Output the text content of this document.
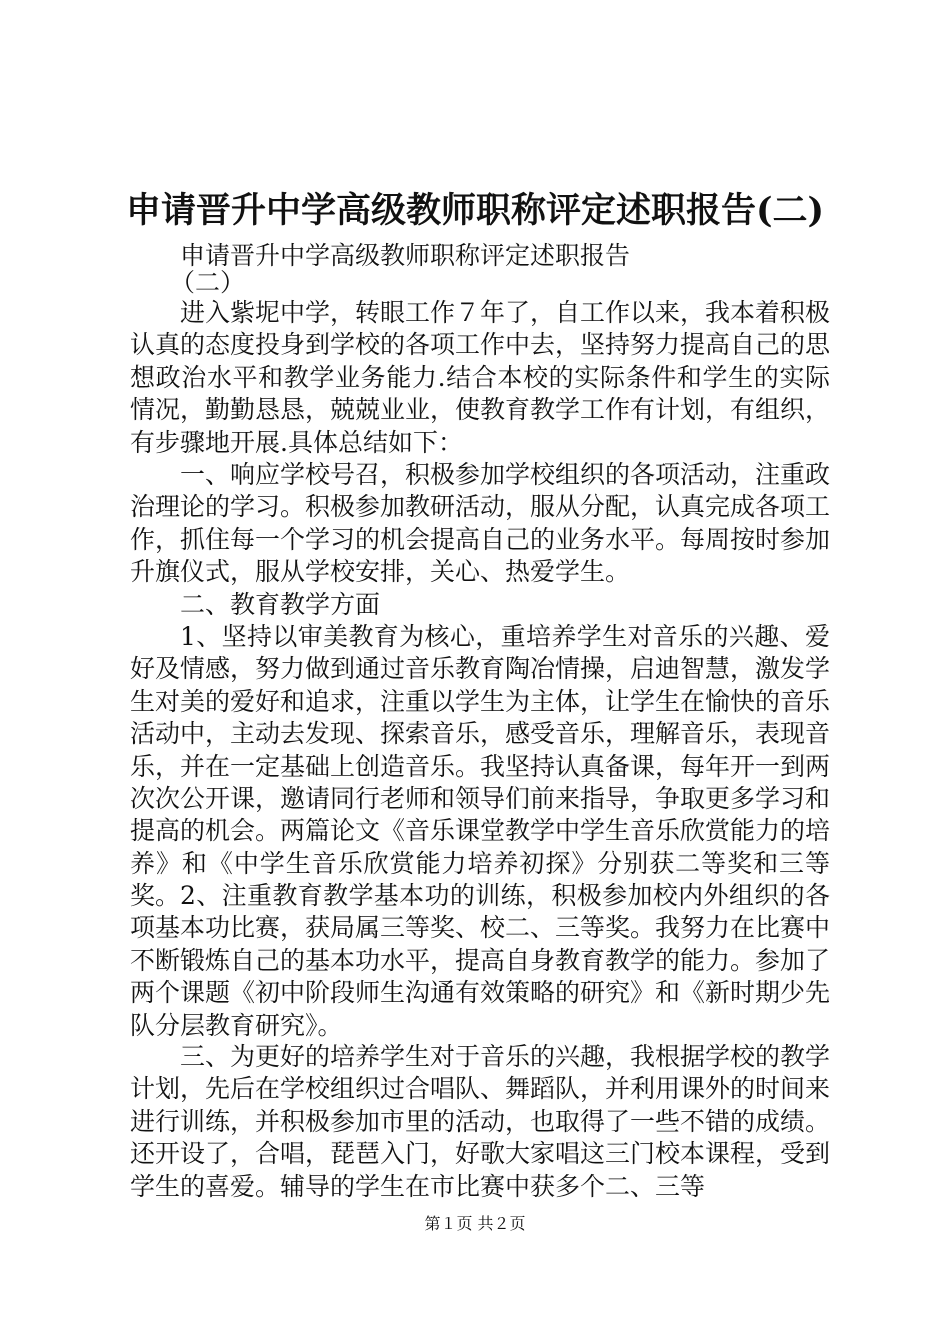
申请晋升中学高级教师职称评定述职报告(二)
申请晋升中学高级教师职称评定述职报告
（二）

进入紫坭中学，转眼工作７年了，自工作以来，我本着积极认真的态度投身到学校的各项工作中去，坚持努力提高自己的思想政治水平和教学业务能力.结合本校的实际条件和学生的实际情况，勤勤恳恳，兢兢业业，使教育教学工作有计划，有组织，有步骤地开展.具体总结如下：

一、响应学校号召，积极参加学校组织的各项活动，注重政治理论的学习。积极参加教研活动，服从分配，认真完成各项工作，抓住每一个学习的机会提高自己的业务水平。每周按时参加升旗仪式，服从学校安排，关心、热爱学生。

二、教育教学方面

1、坚持以审美教育为核心，重培养学生对音乐的兴趣、爱好及情感，努力做到通过音乐教育陶冶情操，启迪智慧，激发学生对美的爱好和追求，注重以学生为主体，让学生在愉快的音乐活动中，主动去发现、探索音乐，感受音乐，理解音乐，表现音乐，并在一定基础上创造音乐。我坚持认真备课，每年开一到两次次公开课，邀请同行老师和领导们前来指导，争取更多学习和提高的机会。两篇论文《音乐课堂教学中学生音乐欣赏能力的培养》和《中学生音乐欣赏能力培养初探》分别获二等奖和三等奖。 2、注重教育教学基本功的训练，积极参加校内外组织的各项基本功比赛，获局属三等奖、校二、三等奖。我努力在比赛中不断锻炼自己的基本功水平，提高自身教育教学的能力。参加了两个课题《初中阶段师生沟通有效策略的研究》和《新时期少先队分层教育研究》。

三、为更好的培养学生对于音乐的兴趣，我根据学校的教学计划，先后在学校组织过合唱队、舞蹈队，并利用课外的时间来进行训练，并积极参加市里的活动，也取得了一些不错的成绩。还开设了，合唱，琵琶入门，好歌大家唱这三门校本课程，受到学生的喜爱。辅导的学生在市比赛中获多个二、三等

第１页 共２页
